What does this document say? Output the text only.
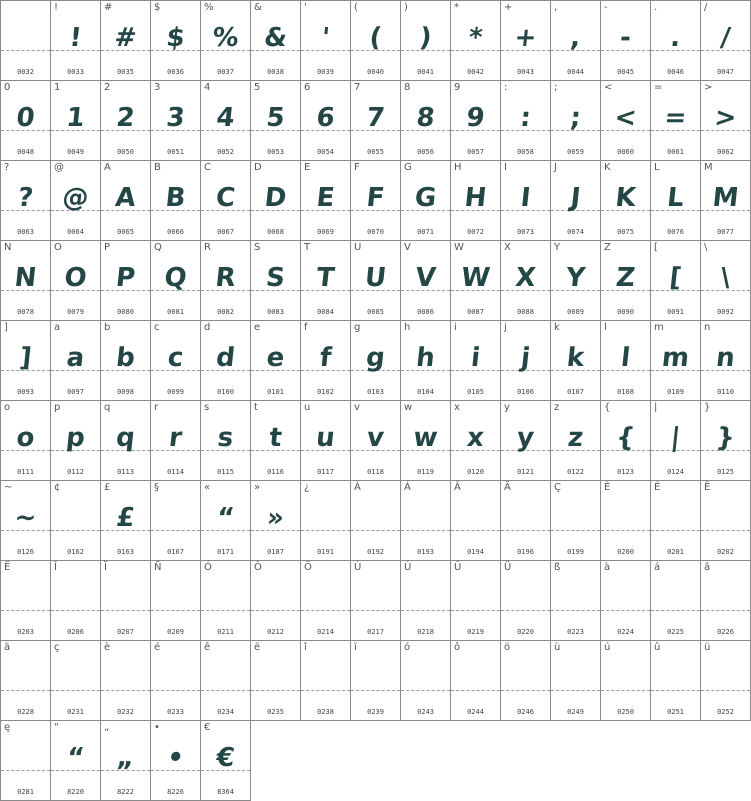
0032
!
!
0033
#
#
0035
$
$
0036
%
%
0037
&
&
0038
'
'
0039
(
(
0040
)
)
0041
*
*
0042
+
+
0043
,
,
0044
-
-
0045
.
.
0046
/
/
0047
0
0
0048
1
1
0049
2
2
0050
3
3
0051
4
4
0052
5
5
0053
6
6
0054
7
7
0055
8
8
0056
9
9
0057
:
:
0058
;
;
0059
<
<
0060
=
=
0061
>
>
0062
?
?
0063
@
@
0064
A
A
0065
B
B
0066
C
C
0067
D
D
0068
E
E
0069
F
F
0070
G
G
0071
H
H
0072
I
I
0073
J
J
0074
K
K
0075
L
L
0076
M
M
0077
N
N
0078
O
O
0079
P
P
0080
Q
Q
0081
R
R
0082
S
S
0083
T
T
0084
U
U
0085
V
V
0086
W
W
0087
X
X
0088
Y
Y
0089
Z
Z
0090
[
[
0091
\
\
0092
]
]
0093
a
a
0097
b
b
0098
c
c
0099
d
d
0100
e
e
0101
f
f
0102
g
g
0103
h
h
0104
i
i
0105
j
j
0106
k
k
0107
l
l
0108
m
m
0109
n
n
0110
o
o
0111
p
p
0112
q
q
0113
r
r
0114
s
s
0115
t
t
0116
u
u
0117
v
v
0118
w
w
0119
x
x
0120
y
y
0121
z
z
0122
{
{
0123
|
|
0124
}
}
0125
~
~
0126
¢
0162
£
£
0163
§
0167
«
“
0171
»
»
0187
¿
0191
À
0192
Á
0193
Â
0194
Ä
0196
Ç
0199
È
0200
É
0201
Ê
0202
Ë
0203
Î
0206
Ï
0207
Ñ
0209
Ó
0211
Ô
0212
Ö
0214
Ù
0217
Ú
0218
Û
0219
Ü
0220
ß
0223
à
0224
á
0225
â
0226
ä
0228
ç
0231
è
0232
é
0233
ê
0234
ë
0235
î
0238
ï
0239
ó
0243
ô
0244
ö
0246
ù
0249
ú
0250
û
0251
ü
0252
ę
0281
“
“
8220
„
„
8222
•
•
8226
€
€
8364
